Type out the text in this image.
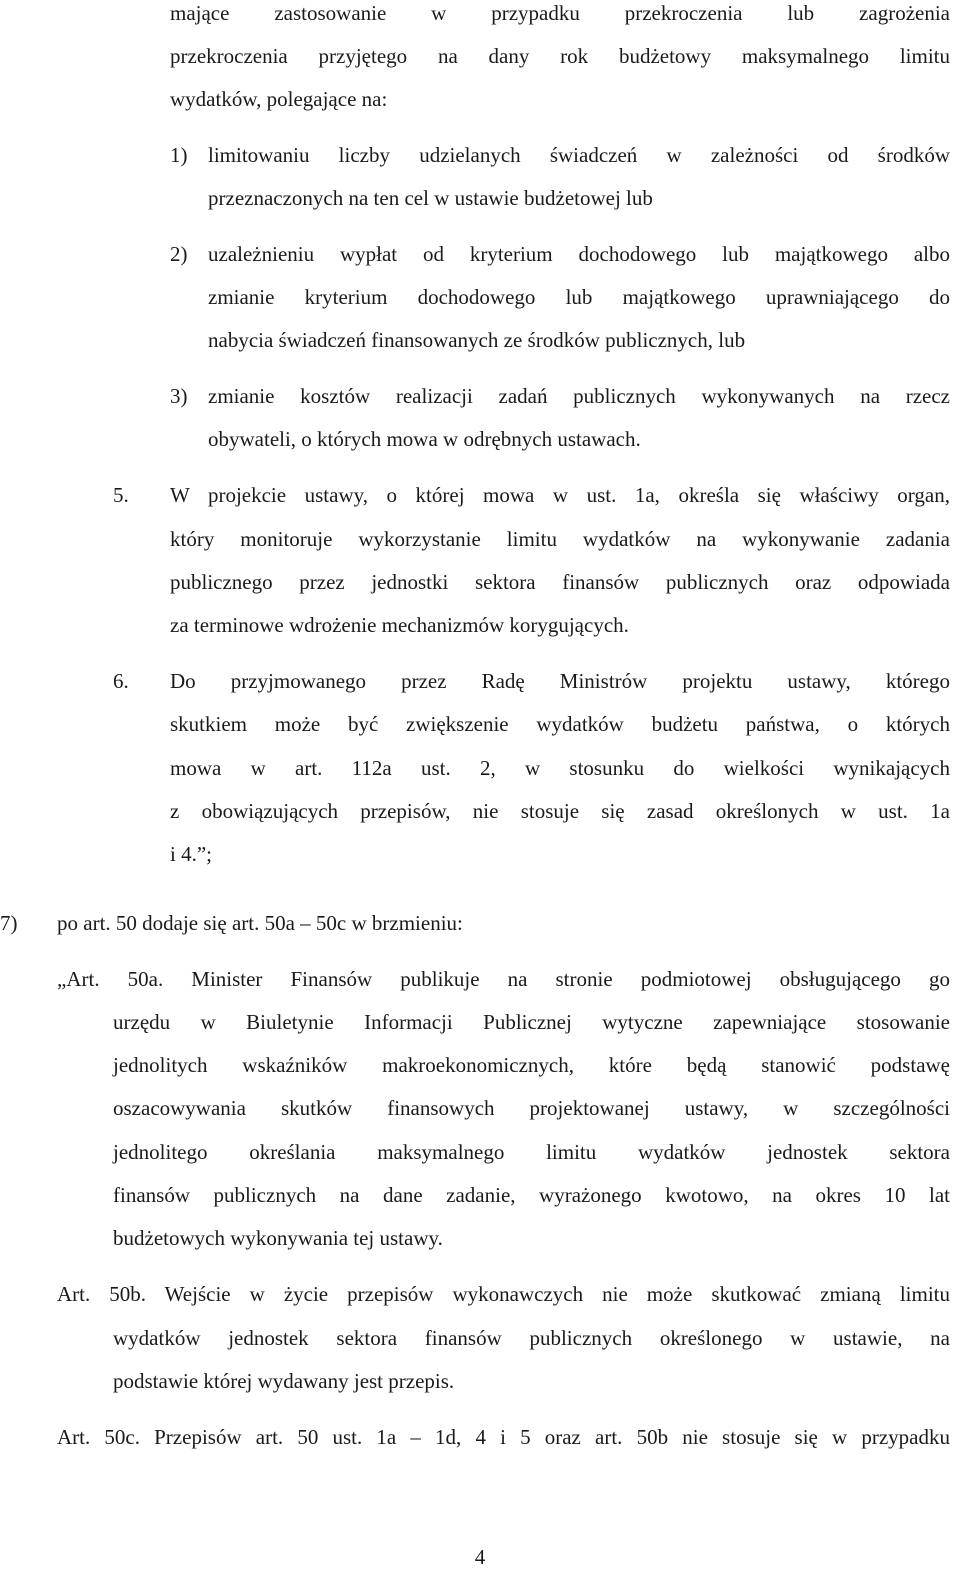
mające zastosowanie w przypadku przekroczenia lub zagrożenia
przekroczenia przyjętego na dany rok budżetowy maksymalnego limitu
wydatków, polegające na:
1) limitowaniu liczby udzielanych świadczeń w zależności od środków
przeznaczonych na ten cel w ustawie budżetowej lub
2) uzależnieniu wypłat od kryterium dochodowego lub majątkowego albo
zmianie kryterium dochodowego lub majątkowego uprawniającego do
nabycia świadczeń finansowanych ze środków publicznych, lub
3) zmianie kosztów realizacji zadań publicznych wykonywanych na rzecz
obywateli, o których mowa w odrębnych ustawach.
5. W projekcie ustawy, o której mowa w ust. 1a, określa się właściwy organ,
który monitoruje wykorzystanie limitu wydatków na wykonywanie zadania
publicznego przez jednostki sektora finansów publicznych oraz odpowiada
za terminowe wdrożenie mechanizmów korygujących.
6. Do przyjmowanego przez Radę Ministrów projektu ustawy, którego
skutkiem może być zwiększenie wydatków budżetu państwa, o których
mowa w art. 112a ust. 2, w stosunku do wielkości wynikających
z obowiązujących przepisów, nie stosuje się zasad określonych w ust. 1a
i 4.”;
7) po art. 50 dodaje się art. 50a – 50c w brzmieniu:
„Art. 50a. Minister Finansów publikuje na stronie podmiotowej obsługującego go
urzędu w Biuletynie Informacji Publicznej wytyczne zapewniające stosowanie
jednolitych wskaźników makroekonomicznych, które będą stanowić podstawę
oszacowywania skutków finansowych projektowanej ustawy, w szczególności
jednolitego określania maksymalnego limitu wydatków jednostek sektora
finansów publicznych na dane zadanie, wyrażonego kwotowo, na okres 10 lat
budżetowych wykonywania tej ustawy.
Art. 50b. Wejście w życie przepisów wykonawczych nie może skutkować zmianą limitu
wydatków jednostek sektora finansów publicznych określonego w ustawie, na
podstawie której wydawany jest przepis.
Art. 50c. Przepisów art. 50 ust. 1a – 1d, 4 i 5 oraz art. 50b nie stosuje się w przypadku
4
